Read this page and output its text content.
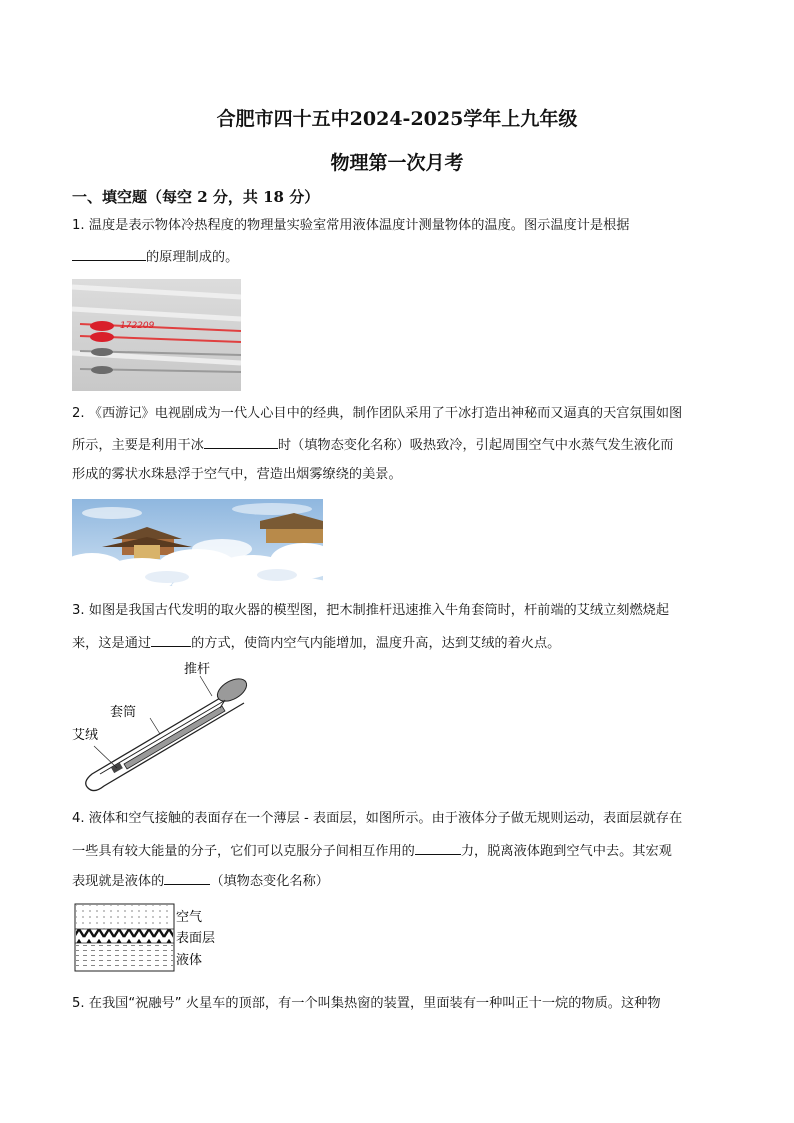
合肥市四十五中2024-2025学年上九年级
物理第一次月考
一、填空题（每空 2 分，共 18 分）
1. 温度是表示物体冷热程度的物理量实验室常用液体温度计测量物体的温度。图示温度计是根据
的原理制成的。
172209
2. 《西游记》电视剧成为一代人心目中的经典，制作团队采用了干冰打造出神秘而又逼真的天宫氛围如图
所示，主要是利用干冰	时（填物态变化名称）吸热致冷，引起周围空气中水蒸气发生液化而
形成的雾状水珠悬浮于空气中，营造出烟雾缭绕的美景。
3. 如图是我国古代发明的取火器的模型图，把木制推杆迅速推入牛角套筒时，杆前端的艾绒立刻燃烧起
来，这是通过	的方式，使筒内空气内能增加，温度升高，达到艾绒的着火点。
推杆
套筒
艾绒
4. 液体和空气接触的表面存在一个薄层 - 表面层，如图所示。由于液体分子做无规则运动，表面层就存在
一些具有较大能量的分子，它们可以克服分子间相互作用的	力，脱离液体跑到空气中去。其宏观
表现就是液体的	（填物态变化名称）
空气
表面层
液体
5. 在我国“祝融号” 火星车的顶部，有一个叫集热窗的装置，里面装有一种叫正十一烷的物质。这种物
